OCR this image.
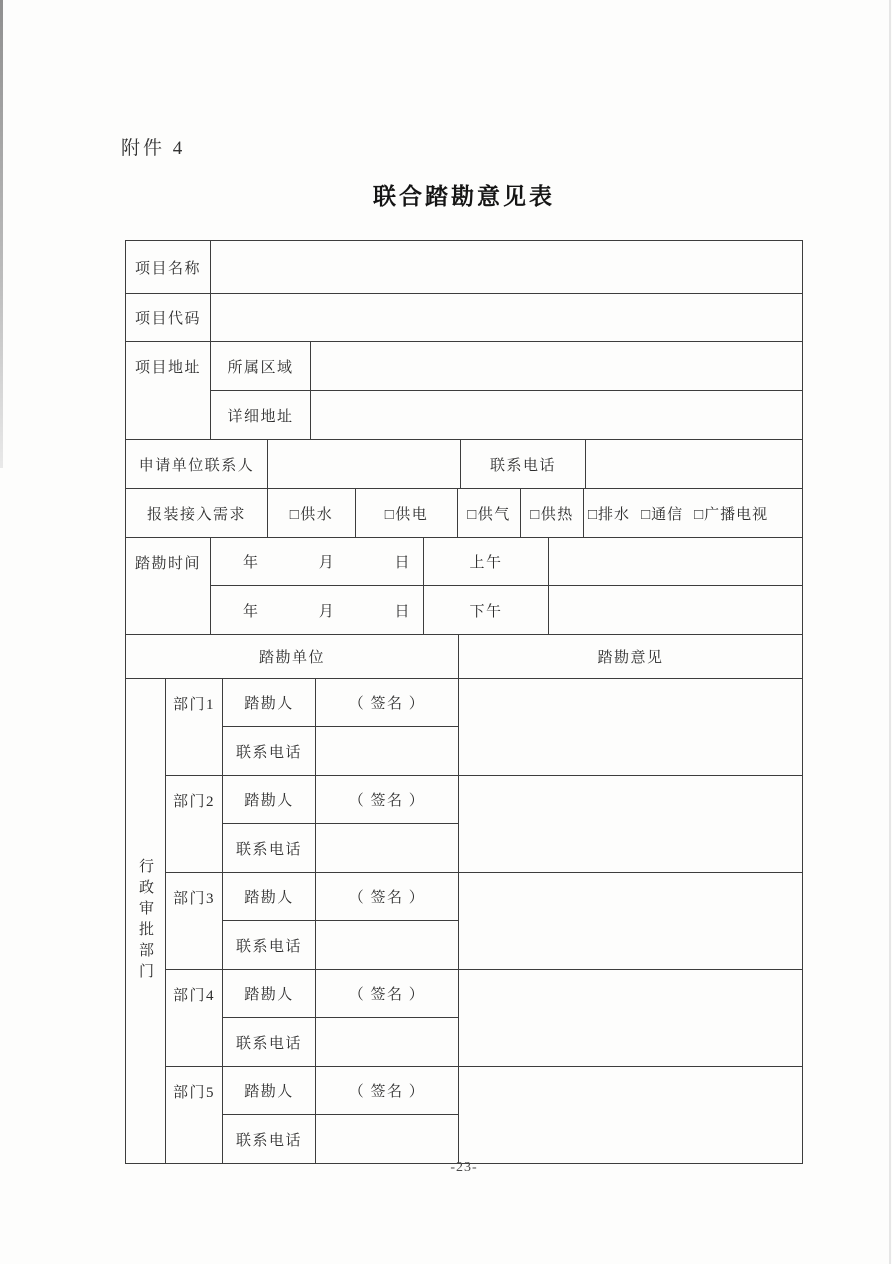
附件 4
联合踏勘意见表
项目名称
项目代码
项目地址	所属区域
详细地址
申请单位联系人	联系电话
报装接入需求	□供水	□供电	□供气	□供热 □排水 □通信 □广播电视
踏勘时间	年	月	日	上午
年	月	日	下午
踏勘单位	踏勘意见
行政审批部门
部门1	踏勘人	（ 签名 ）
联系电话
部门2	踏勘人	（ 签名 ）
联系电话
部门3	踏勘人	（ 签名 ）
联系电话
部门4	踏勘人	（ 签名 ）
联系电话
部门5	踏勘人	（ 签名 ）
联系电话
-23-
